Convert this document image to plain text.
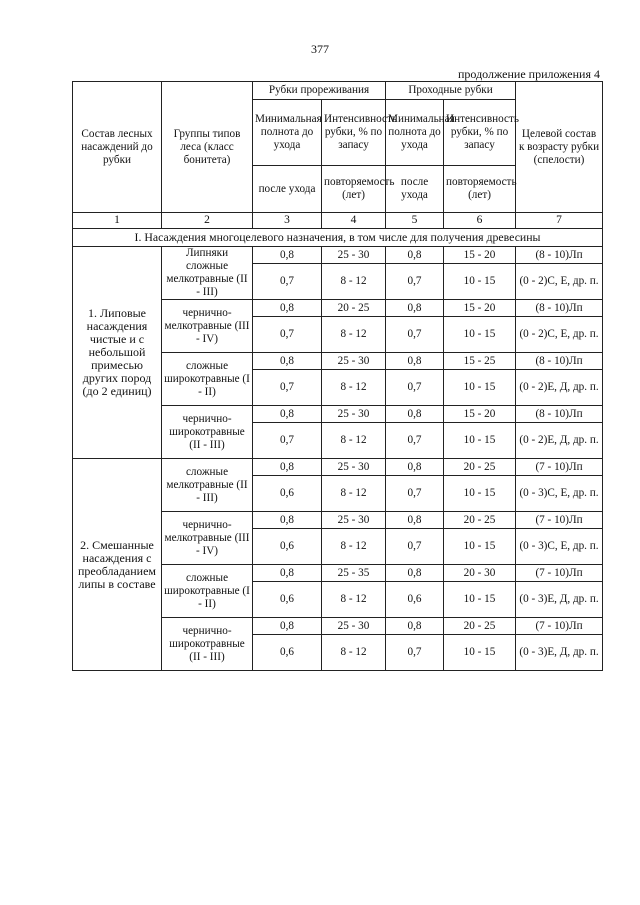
377
продолжение приложения 4
Состав лесных насаждений до рубки	Группы типов леса (класс бонитета)	Рубки прореживания		Проходные рубки		Целевой состав к возрасту рубки (спелости)
		Минимальная полнота до ухода	Интенсивность рубки, % по запасу	Минимальная полнота до ухода	Интенсивность рубки, % по запасу	
		после ухода	повторяемость (лет)	после ухода	повторяемость (лет)	
1	2	3	4	5	6	7
I. Насаждения многоцелевого назначения, в том числе для получения древесины						
1. Липовые насаждения чистые и с небольшой примесью других пород (до 2 единиц)	Липняки сложные мелкотравные (II - III)	0,8	25 - 30	0,8	15 - 20	(8 - 10)Лп
		0,7	8 - 12	0,7	10 - 15	(0 - 2)С, Е, др. п.
	чернично-мелкотравные (III - IV)	0,8	20 - 25	0,8	15 - 20	(8 - 10)Лп
		0,7	8 - 12	0,7	10 - 15	(0 - 2)С, Е, др. п.
	сложные широкотравные (I - II)	0,8	25 - 30	0,8	15 - 25	(8 - 10)Лп
		0,7	8 - 12	0,7	10 - 15	(0 - 2)Е, Д, др. п.
	чернично-широкотравные (II - III)	0,8	25 - 30	0,8	15 - 20	(8 - 10)Лп
		0,7	8 - 12	0,7	10 - 15	(0 - 2)Е, Д, др. п.
2. Смешанные насаждения с преобладанием липы в составе	сложные мелкотравные (II - III)	0,8	25 - 30	0,8	20 - 25	(7 - 10)Лп
		0,6	8 - 12	0,7	10 - 15	(0 - 3)С, Е, др. п.
	чернично-мелкотравные (III - IV)	0,8	25 - 30	0,8	20 - 25	(7 - 10)Лп
		0,6	8 - 12	0,7	10 - 15	(0 - 3)С, Е, др. п.
	сложные широкотравные (I - II)	0,8	25 - 35	0,8	20 - 30	(7 - 10)Лп
		0,6	8 - 12	0,6	10 - 15	(0 - 3)Е, Д, др. п.
	чернично-широкотравные (II - III)	0,8	25 - 30	0,8	20 - 25	(7 - 10)Лп
		0,6	8 - 12	0,7	10 - 15	(0 - 3)Е, Д, др. п.
